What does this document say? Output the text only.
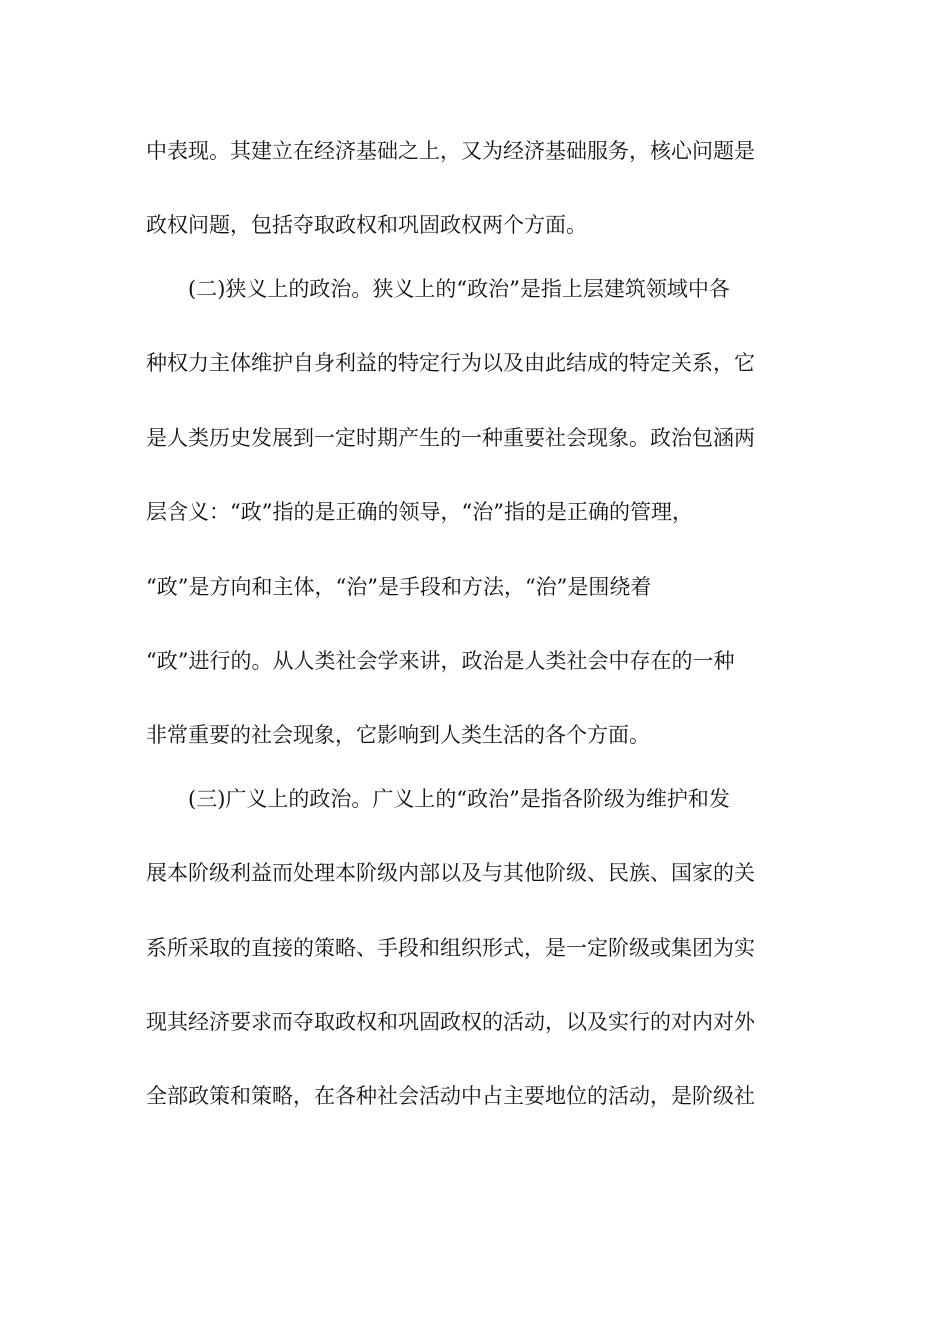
中表现。其建立在经济基础之上，又为经济基础服务，核心问题是
政权问题，包括夺取政权和巩固政权两个方面。
(二)狭义上的政治。狭义上的“政治”是指上层建筑领域中各
种权力主体维护自身利益的特定行为以及由此结成的特定关系，它
是人类历史发展到一定时期产生的一种重要社会现象。政治包涵两
层含义：“政”指的是正确的领导，“治”指的是正确的管理，
“政”是方向和主体，“治”是手段和方法，“治”是围绕着
“政”进行的。从人类社会学来讲，政治是人类社会中存在的一种
非常重要的社会现象，它影响到人类生活的各个方面。
(三)广义上的政治。广义上的“政治”是指各阶级为维护和发
展本阶级利益而处理本阶级内部以及与其他阶级、民族、国家的关
系所采取的直接的策略、手段和组织形式，是一定阶级或集团为实
现其经济要求而夺取政权和巩固政权的活动，以及实行的对内对外
全部政策和策略，在各种社会活动中占主要地位的活动，是阶级社
